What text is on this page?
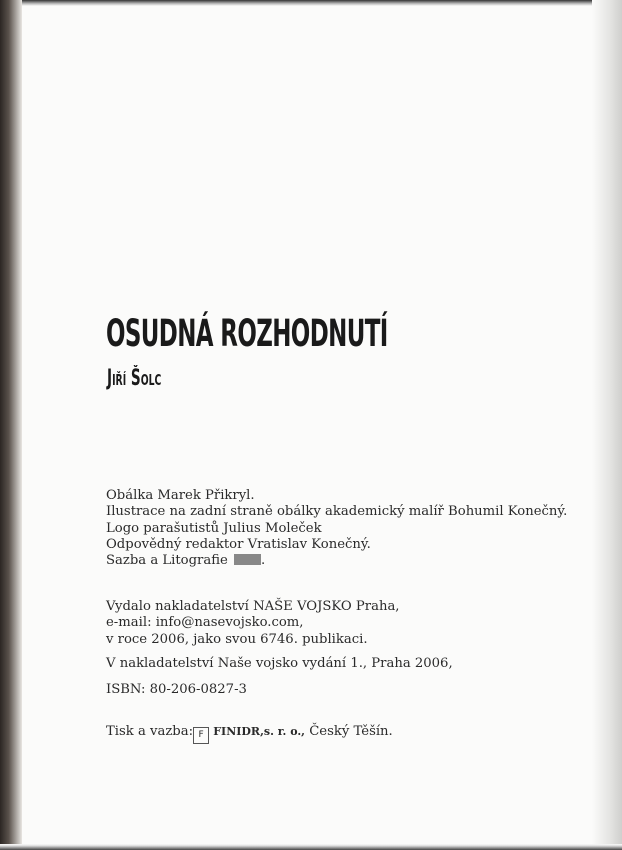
OSUDNÁ ROZHODNUTÍ
Jiří Šolc
Obálka Marek Přikryl.
Ilustrace na zadní straně obálky akademický malíř Bohumil Konečný.
Logo parašutistů Julius Moleček
Odpovědný redaktor Vratislav Konečný.
Sazba a Litografie	.
Vydalo nakladatelství NAŠE VOJSKO Praha,
e-mail: info@nasevojsko.com,
v roce 2006, jako svou 6746. publikaci.
V nakladatelství Naše vojsko vydání 1., Praha 2006,
ISBN: 80-206-0827-3
Tisk a vazba: F FINIDR,s. r. o., Český Těšín.
